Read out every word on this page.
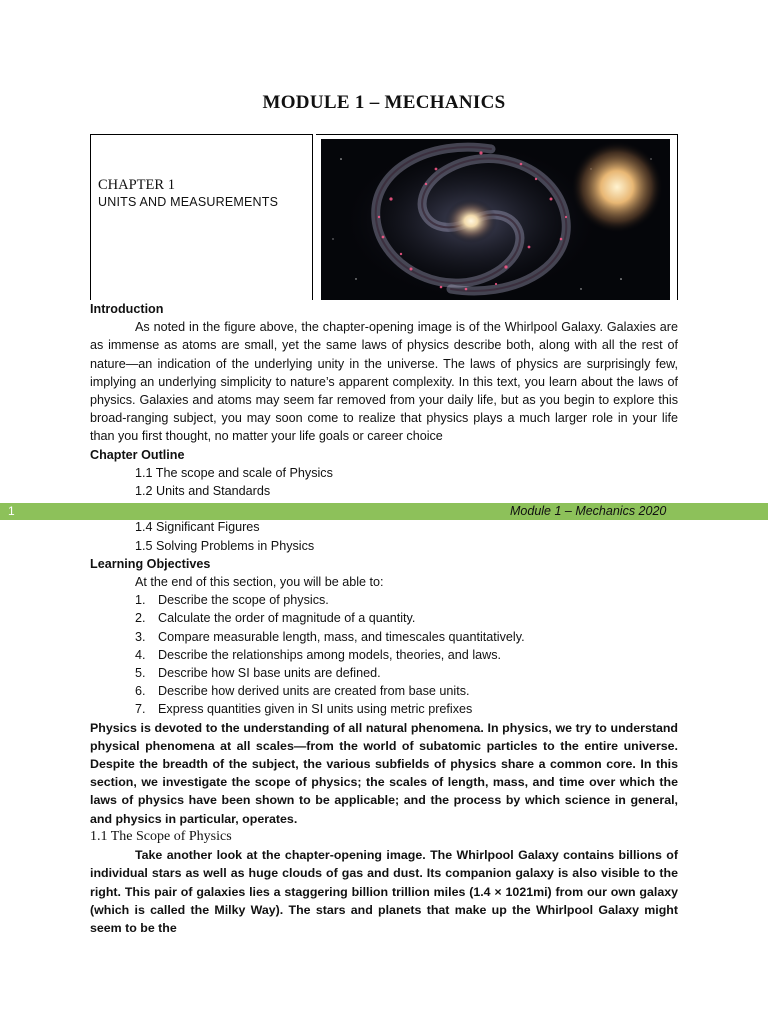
MODULE 1 – MECHANICS
CHAPTER 1
UNITS AND MEASUREMENTS
Introduction

As noted in the figure above, the chapter-opening image is of the Whirlpool Galaxy. Galaxies are as immense as atoms are small, yet the same laws of physics describe both, along with all the rest of nature—an indication of the underlying unity in the universe. The laws of physics are surprisingly few, implying an underlying simplicity to nature’s apparent complexity. In this text, you learn about the laws of physics. Galaxies and atoms may seem far removed from your daily life, but as you begin to explore this broad-ranging subject, you may soon come to realize that physics plays a much larger role in your life than you first thought, no matter your life goals or career choice

Chapter Outline
1.1 The scope and scale of Physics
1.2 Units and Standards
1.4 Significant Figures
1.5 Solving Problems in Physics
Learning Objectives
At the end of this section, you will be able to:
1. Describe the scope of physics.
2. Calculate the order of magnitude of a quantity.
3. Compare measurable length, mass, and timescales quantitatively.
4. Describe the relationships among models, theories, and laws.
5. Describe how SI base units are defined.
6. Describe how derived units are created from base units.
7. Express quantities given in SI units using metric prefixes

Physics is devoted to the understanding of all natural phenomena. In physics, we try to understand physical phenomena at all scales—from the world of subatomic particles to the entire universe. Despite the breadth of the subject, the various subfields of physics share a common core. In this section, we investigate the scope of physics; the scales of length, mass, and time over which the laws of physics have been shown to be applicable; and the process by which science in general, and physics in particular, operates.

1.1 The Scope of Physics

Take another look at the chapter-opening image. The Whirlpool Galaxy contains billions of individual stars as well as huge clouds of gas and dust. Its companion galaxy is also visible to the right. This pair of galaxies lies a staggering billion trillion miles (1.4 × 1021mi) from our own galaxy (which is called the Milky Way). The stars and planets that make up the Whirlpool Galaxy might seem to be the

1	Module 1 – Mechanics 2020
